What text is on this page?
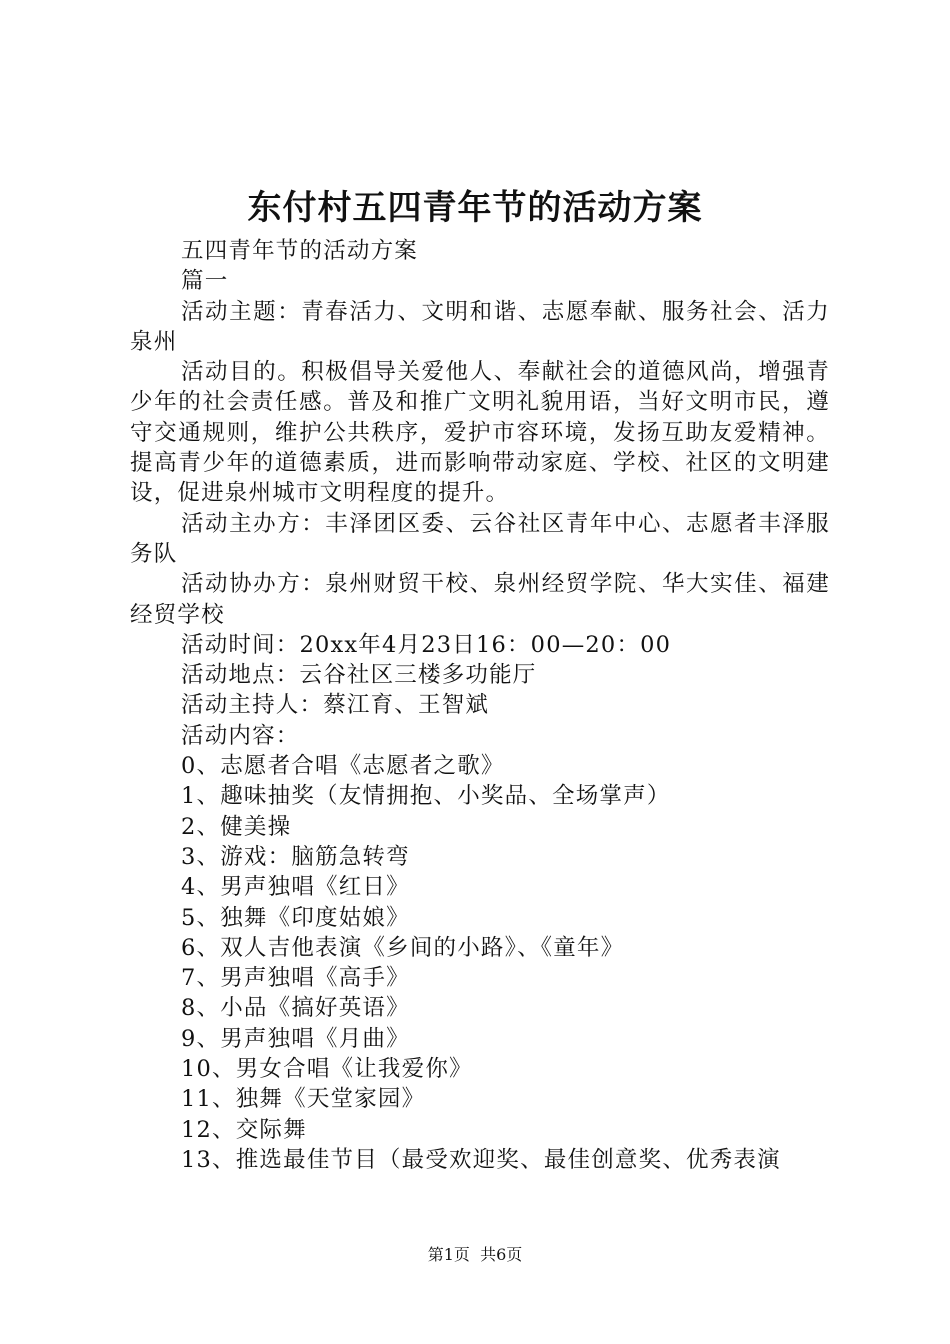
东付村五四青年节的活动方案

五四青年节的活动方案

篇一

活动主题：青春活力、文明和谐、志愿奉献、服务社会、活力泉州

活动目的。积极倡导关爱他人、奉献社会的道德风尚，增强青少年的社会责任感。普及和推广文明礼貌用语，当好文明市民，遵守交通规则，维护公共秩序，爱护市容环境，发扬互助友爱精神。提高青少年的道德素质，进而影响带动家庭、学校、社区的文明建设，促进泉州城市文明程度的提升。

活动主办方：丰泽团区委、云谷社区青年中心、志愿者丰泽服务队

活动协办方：泉州财贸干校、泉州经贸学院、华大实佳、福建经贸学校

活动时间：20xx年4月23日16：00—20：00

活动地点：云谷社区三楼多功能厅

活动主持人：蔡江育、王智斌

活动内容：

0、志愿者合唱《志愿者之歌》

1、趣味抽奖（友情拥抱、小奖品、全场掌声）

2、健美操

3、游戏：脑筋急转弯

4、男声独唱《红日》

5、独舞《印度姑娘》

6、双人吉他表演《乡间的小路》、《童年》

7、男声独唱《高手》

8、小品《搞好英语》

9、男声独唱《月曲》

10、男女合唱《让我爱你》

11、独舞《天堂家园》

12、交际舞

13、推选最佳节目（最受欢迎奖、最佳创意奖、优秀表演

第1页 共6页
